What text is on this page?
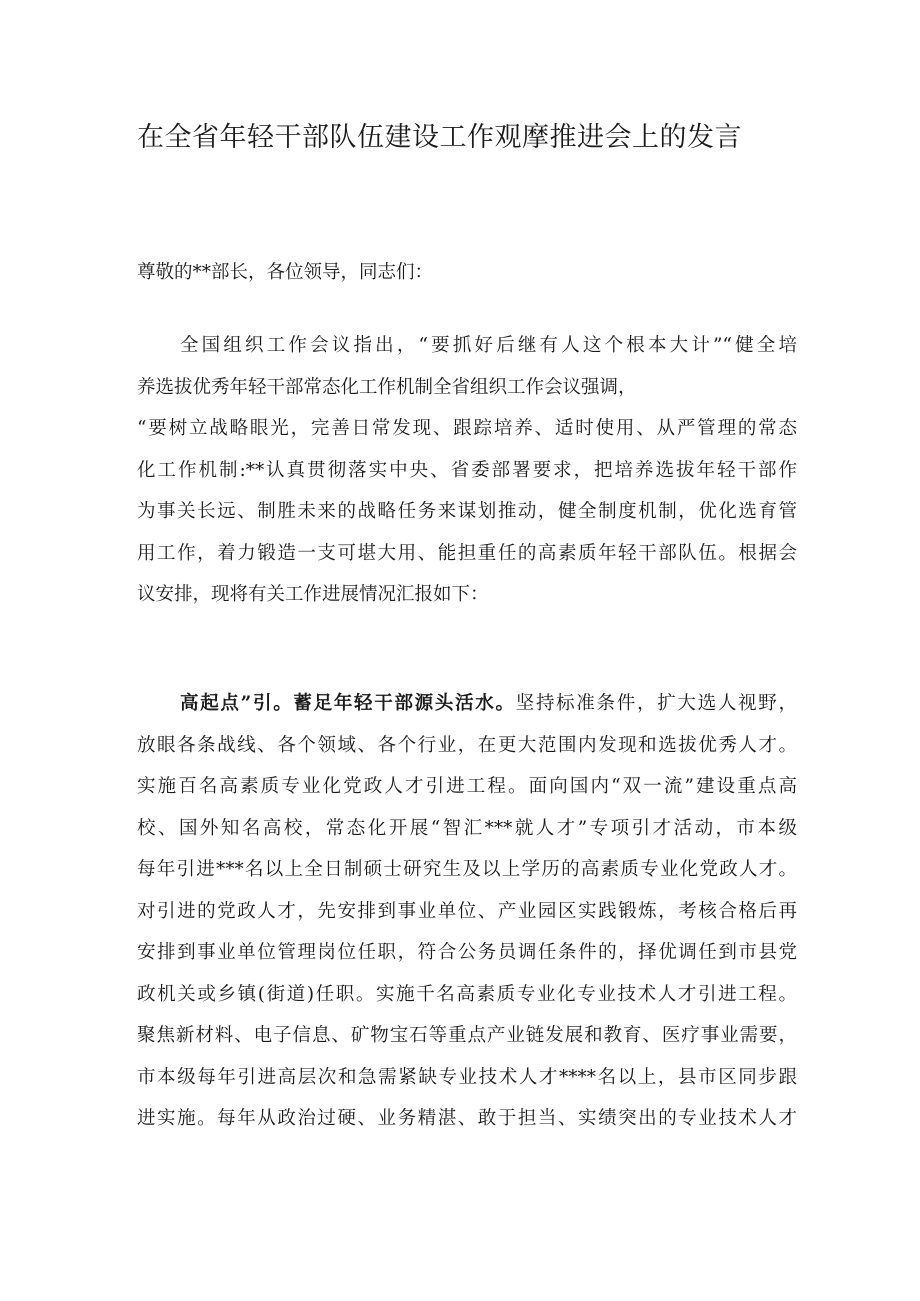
在全省年轻干部队伍建设工作观摩推进会上的发言

尊敬的**部长，各位领导，同志们：

全国组织工作会议指出，“要抓好后继有人这个根本大计”“健全培
养选拔优秀年轻干部常态化工作机制全省组织工作会议强调，
“要树立战略眼光，完善日常发现、跟踪培养、适时使用、从严管理的常态
化工作机制:**认真贯彻落实中央、省委部署要求，把培养选拔年轻干部作
为事关长远、制胜未来的战略任务来谋划推动，健全制度机制，优化选育管
用工作，着力锻造一支可堪大用、能担重任的高素质年轻干部队伍。根据会
议安排，现将有关工作进展情况汇报如下：
高起点”引。蓄足年轻干部源头活水。坚持标准条件，扩大选人视野，
放眼各条战线、各个领域、各个行业，在更大范围内发现和选拔优秀人才。
实施百名高素质专业化党政人才引进工程。面向国内“双一流”建设重点高
校、国外知名高校，常态化开展“智汇***就人才”专项引才活动，市本级
每年引进***名以上全日制硕士研究生及以上学历的高素质专业化党政人才。
对引进的党政人才，先安排到事业单位、产业园区实践锻炼，考核合格后再
安排到事业单位管理岗位任职，符合公务员调任条件的，择优调任到市县党
政机关或乡镇(街道)任职。实施千名高素质专业化专业技术人才引进工程。
聚焦新材料、电子信息、矿物宝石等重点产业链发展和教育、医疗事业需要，
市本级每年引进高层次和急需紧缺专业技术人才****名以上，县市区同步跟
进实施。每年从政治过硬、业务精湛、敢于担当、实绩突出的专业技术人才
